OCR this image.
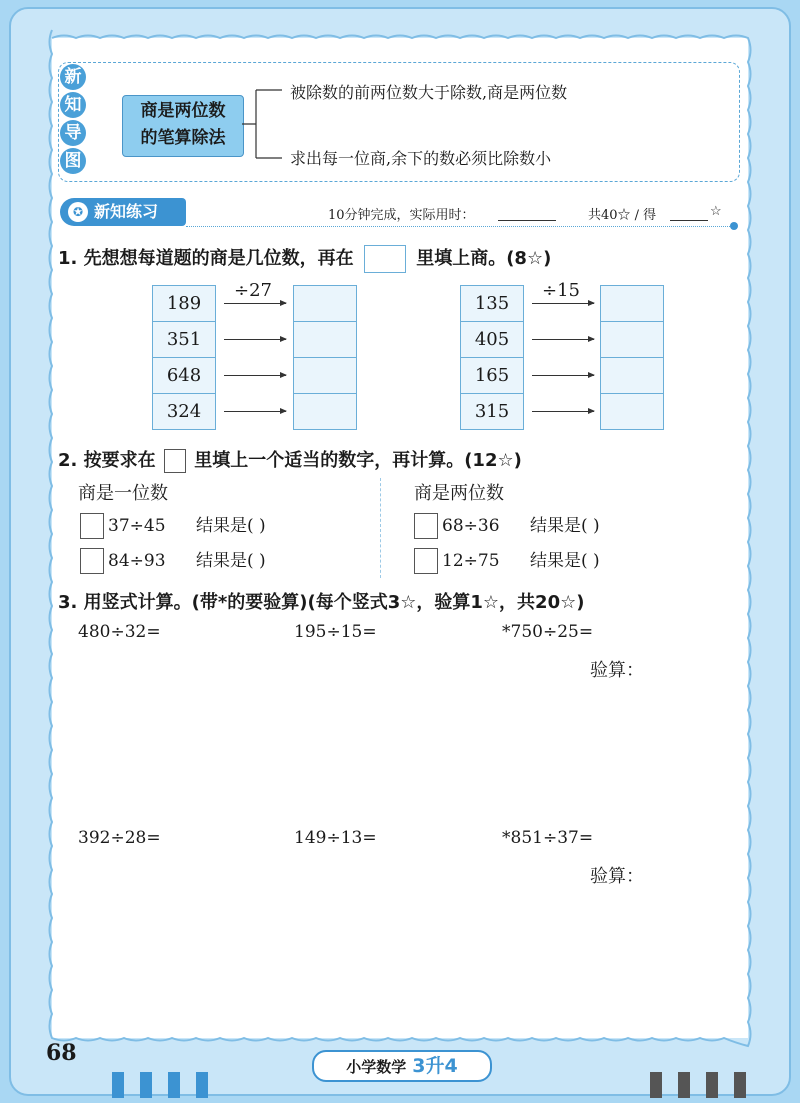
新
知
导
图
商是两位数
的笔算除法
被除数的前两位数大于除数,商是两位数
求出每一位商,余下的数必须比除数小
✪ 新知练习	10分钟完成，实际用时：	共40☆ / 得	☆
1. 先想想每道题的商是几位数，再在	里填上商。(8☆)
189
351
648
324
÷27
135
405
165
315
÷15
2. 按要求在 里填上一个适当的数字，再计算。(12☆)
商是一位数	商是两位数
37÷45 结果是( )
84÷93 结果是( )
68÷36 结果是( )
12÷75 结果是( )
3. 用竖式计算。(带*的要验算)(每个竖式3☆，验算1☆，共20☆)
480÷32=	195÷15=	*750÷25=
验算：
392÷28=	149÷13=	*851÷37=
验算：
68
小学数学 3升4
